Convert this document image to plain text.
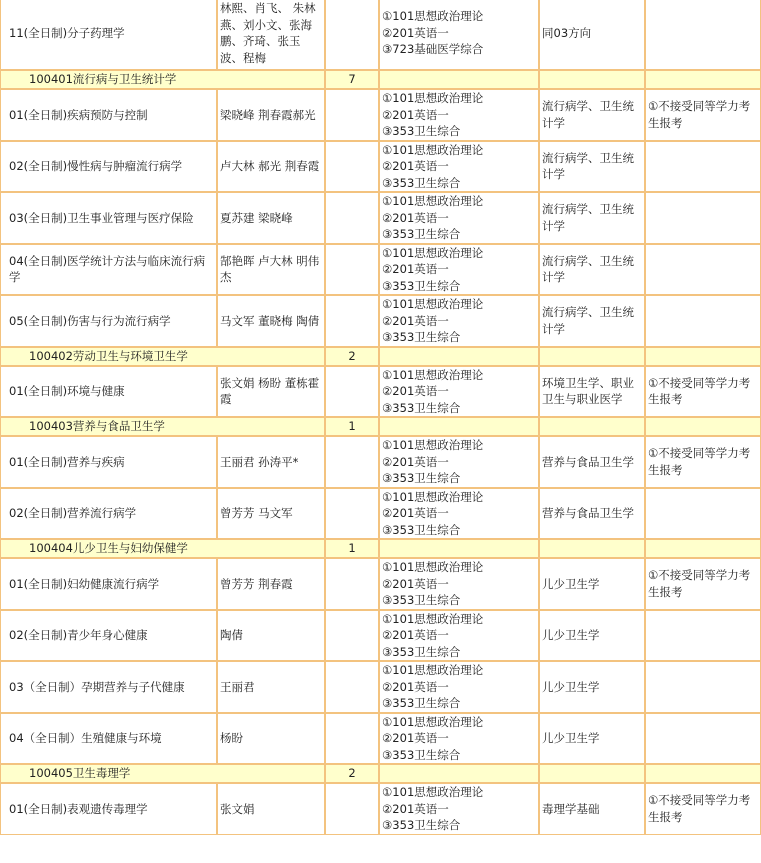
11(全日制)分子药理学	林熙、肖飞、 朱林燕、刘小文、张海鹏、齐琦、张玉波、程梅		①101思想政治理论
②201英语一
③723基础医学综合	同03方向	
100401流行病与卫生统计学		7			
01(全日制)疾病预防与控制	梁晓峰 荆春霞郝光		①101思想政治理论
②201英语一
③353卫生综合	流行病学、卫生统计学	①不接受同等学力考生报考
02(全日制)慢性病与肿瘤流行病学	卢大林 郝光 荆春霞		①101思想政治理论
②201英语一
③353卫生综合	流行病学、卫生统计学	
03(全日制)卫生事业管理与医疗保险	夏苏建 梁晓峰		①101思想政治理论
②201英语一
③353卫生综合	流行病学、卫生统计学	
04(全日制)医学统计方法与临床流行病学	郜艳晖 卢大林 明伟杰		①101思想政治理论
②201英语一
③353卫生综合	流行病学、卫生统计学	
05(全日制)伤害与行为流行病学	马文军 董晓梅 陶倩		①101思想政治理论
②201英语一
③353卫生综合	流行病学、卫生统计学	
100402劳动卫生与环境卫生学		2			
01(全日制)环境与健康	张文娟 杨盼 董栋霍霞		①101思想政治理论
②201英语一
③353卫生综合	环境卫生学、职业卫生与职业医学	①不接受同等学力考生报考
100403营养与食品卫生学		1			
01(全日制)营养与疾病	王丽君 孙涛平*		①101思想政治理论
②201英语一
③353卫生综合	营养与食品卫生学	①不接受同等学力考生报考
02(全日制)营养流行病学	曾芳芳 马文军		①101思想政治理论
②201英语一
③353卫生综合	营养与食品卫生学	
100404儿少卫生与妇幼保健学		1			
01(全日制)妇幼健康流行病学	曾芳芳 荆春霞		①101思想政治理论
②201英语一
③353卫生综合	儿少卫生学	①不接受同等学力考生报考
02(全日制)青少年身心健康	陶倩		①101思想政治理论
②201英语一
③353卫生综合	儿少卫生学	
03（全日制）孕期营养与子代健康	王丽君		①101思想政治理论
②201英语一
③353卫生综合	儿少卫生学	
04（全日制）生殖健康与环境	杨盼		①101思想政治理论
②201英语一
③353卫生综合	儿少卫生学	
100405卫生毒理学		2			
01(全日制)表观遗传毒理学	张文娟		①101思想政治理论
②201英语一
③353卫生综合	毒理学基础	①不接受同等学力考生报考
